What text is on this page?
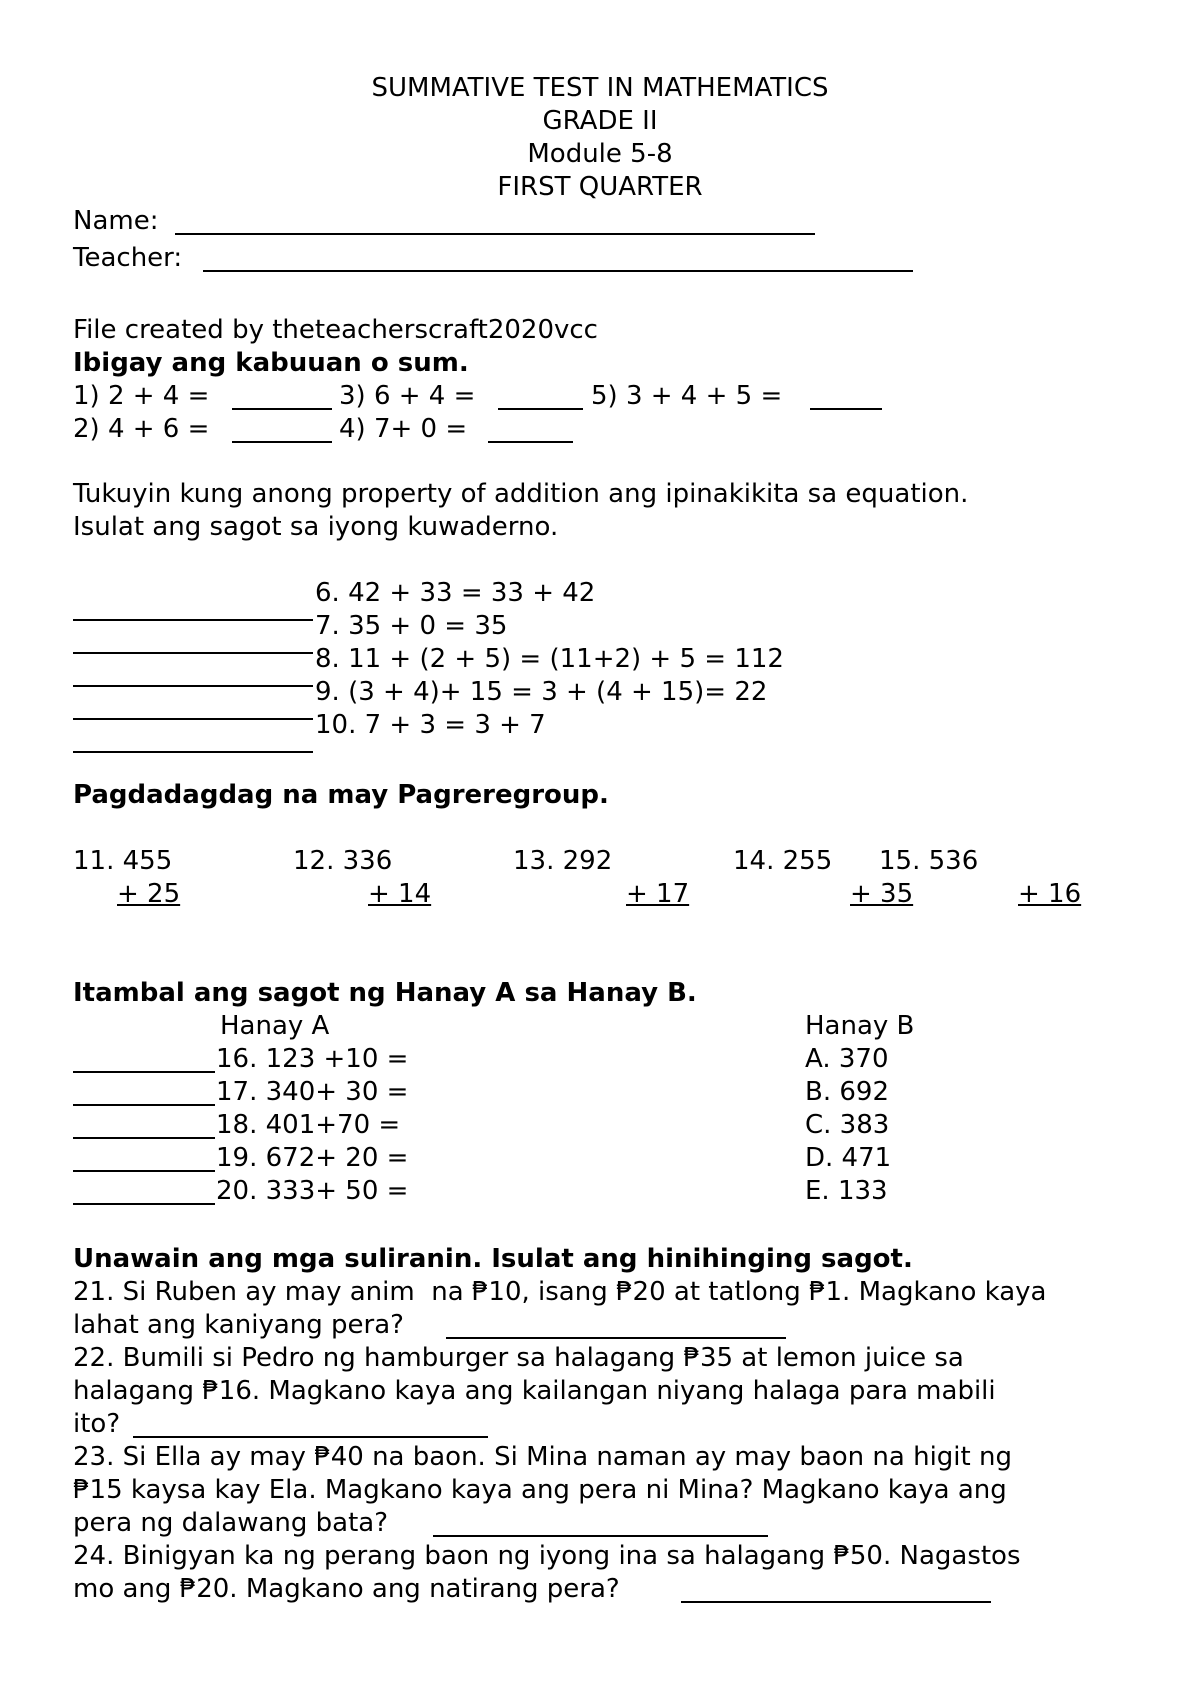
SUMMATIVE TEST IN MATHEMATICS
GRADE II
Module 5-8
FIRST QUARTER
Name:
Teacher:
File created by theteacherscraft2020vcc
Ibigay ang kabuuan o sum.
1) 2 + 4 =	3) 6 + 4 =	5) 3 + 4 + 5 =
2) 4 + 6 =	4) 7+ 0 =
Tukuyin kung anong property of addition ang ipinakikita sa equation.
Isulat ang sagot sa iyong kuwaderno.
6. 42 + 33 = 33 + 42
7. 35 + 0 = 35
8. 11 + (2 + 5) = (11+2) + 5 = 112
9. (3 + 4)+ 15 = 3 + (4 + 15)= 22
10. 7 + 3 = 3 + 7
Pagdadagdag na may Pagreregroup.
11. 455
+ 25
12. 336
+ 14
13. 292
+ 17
14. 255
+ 35
15. 536
+ 16
Itambal ang sagot ng Hanay A sa Hanay B.
Hanay A	Hanay B
16. 123 +10 =	A. 370
17. 340+ 30 =	B. 692
18. 401+70 =	C. 383
19. 672+ 20 =	D. 471
20. 333+ 50 =	E. 133
Unawain ang mga suliranin. Isulat ang hinihinging sagot.
21. Si Ruben ay may anim  na ₱10, isang ₱20 at tatlong ₱1. Magkano kaya
lahat ang kaniyang pera?
22. Bumili si Pedro ng hamburger sa halagang ₱35 at lemon juice sa
halagang ₱16. Magkano kaya ang kailangan niyang halaga para mabili
ito?
23. Si Ella ay may ₱40 na baon. Si Mina naman ay may baon na higit ng
₱15 kaysa kay Ela. Magkano kaya ang pera ni Mina? Magkano kaya ang
pera ng dalawang bata?
24. Binigyan ka ng perang baon ng iyong ina sa halagang ₱50. Nagastos
mo ang ₱20. Magkano ang natirang pera?
